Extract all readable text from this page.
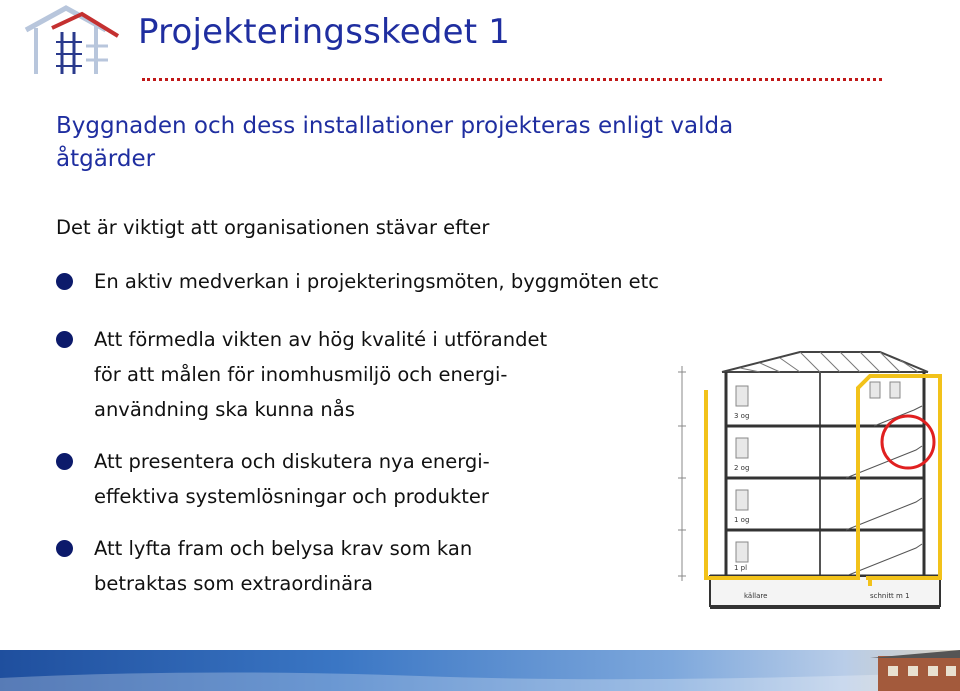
Projekteringsskedet 1
Byggnaden och dess installationer projekteras enligt valda
åtgärder
Det är viktigt att organisationen stävar efter
En aktiv medverkan i projekteringsmöten, byggmöten etc
Att förmedla vikten av hög kvalité i utförandet
för att målen för inomhusmiljö och energi-
användning ska kunna nås
Att presentera och diskutera nya energi-
effektiva systemlösningar och produkter
Att lyfta fram och belysa krav som kan
betraktas som extraordinära
3 og
2 og
1 og
1 pl
källare	schnitt m 1
